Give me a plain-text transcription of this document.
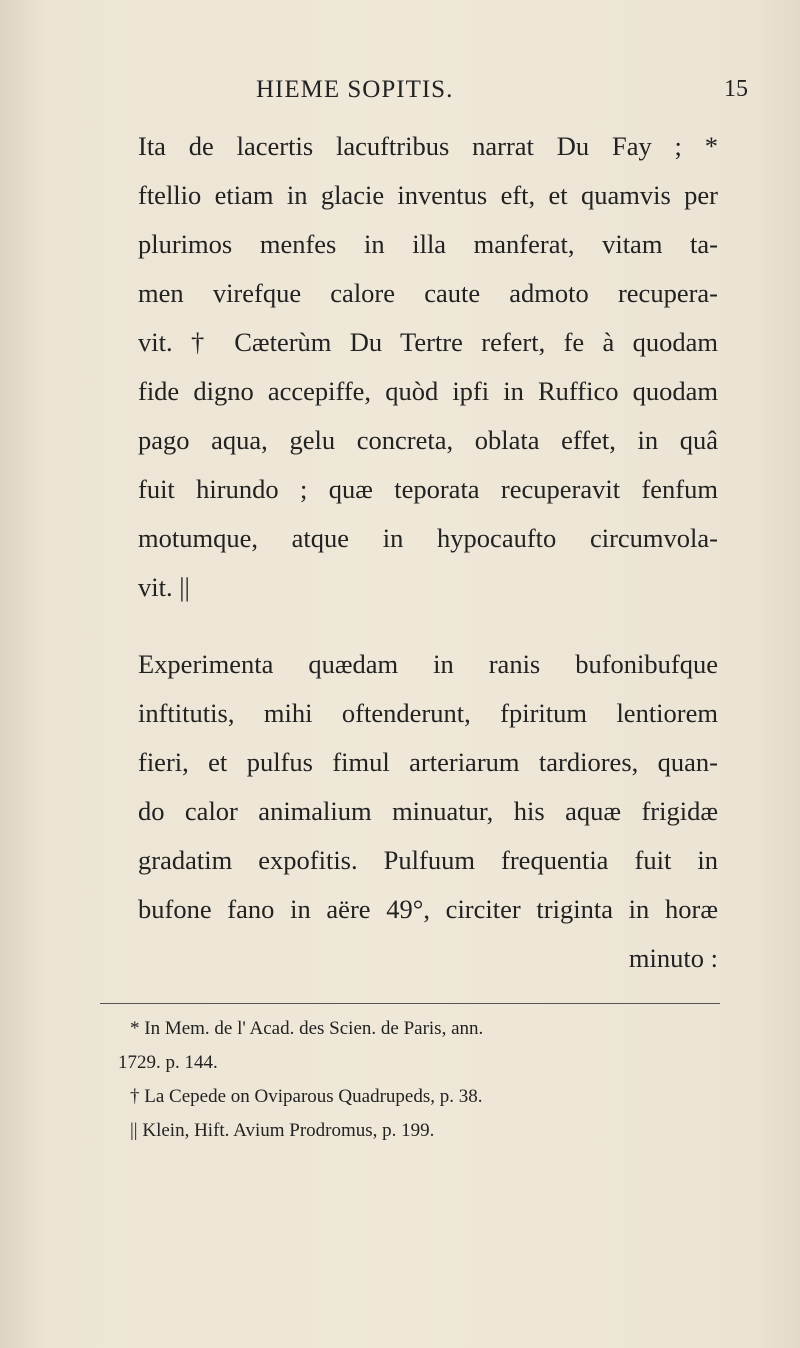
HIEME SOPITIS.	15
Ita de lacertis lacuftribus narrat Du Fay ; *
ftellio etiam in glacie inventus eft, et quamvis per
plurimos menfes in illa manferat, vitam ta-
men virefque calore caute admoto recupera-
vit. † Cæterùm Du Tertre refert, fe à quodam
fide digno accepiffe, quòd ipfi in Ruffico quodam
pago aqua, gelu concreta, oblata effet, in quâ
fuit hirundo ; quæ teporata recuperavit fenfum
motumque, atque in hypocaufto circumvola-
vit. ||
Experimenta quædam in ranis bufonibufque
inftitutis, mihi oftenderunt, fpiritum lentiorem
fieri, et pulfus fimul arteriarum tardiores, quan-
do calor animalium minuatur, his aquæ frigidæ
gradatim expofitis. Pulfuum frequentia fuit in
bufone fano in aëre 49°, circiter triginta in horæ
minuto :
* In Mem. de l' Acad. des Scien. de Paris, ann.
1729. p. 144.
† La Cepede on Oviparous Quadrupeds, p. 38.
|| Klein, Hift. Avium Prodromus, p. 199.
